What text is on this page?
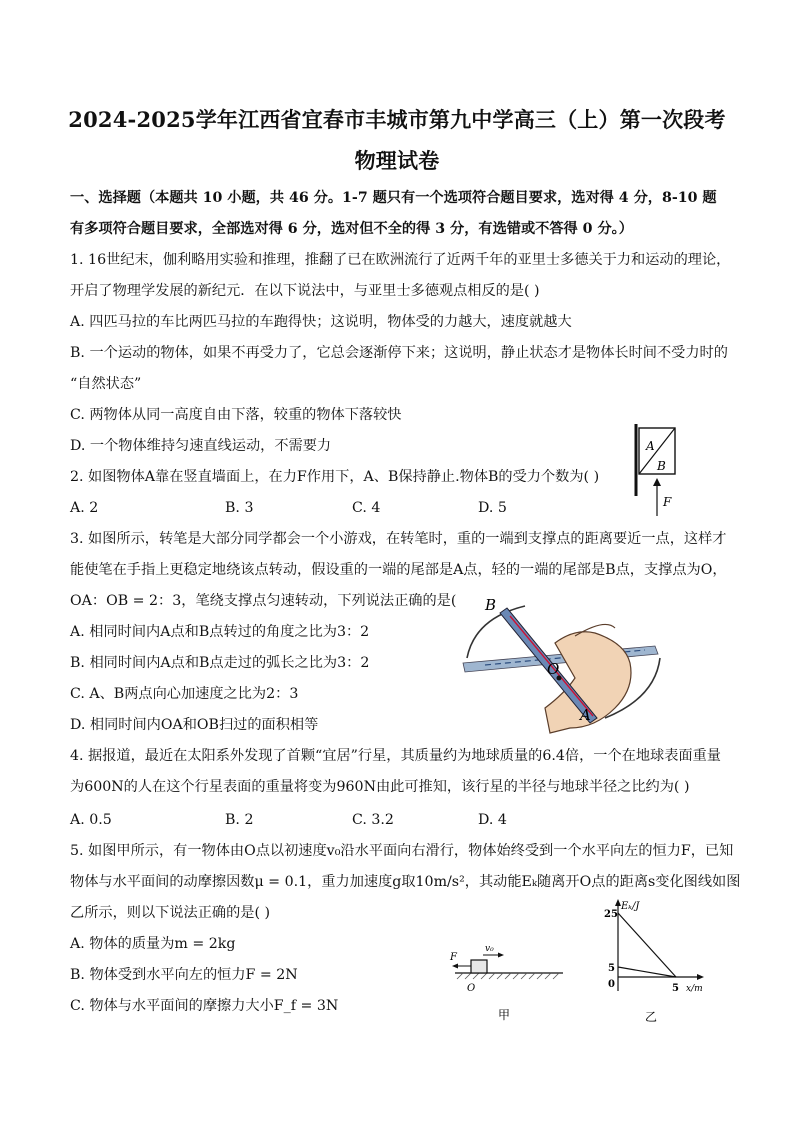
2024-2025学年江西省宜春市丰城市第九中学高三（上）第一次段考
物理试卷
一、选择题（本题共 10 小题，共 46 分。1-7 题只有一个选项符合题目要求，选对得 4 分，8-10 题
有多项符合题目要求，全部选对得 6 分，选对但不全的得 3 分，有选错或不答得 0 分。）
1. 16世纪末，伽利略用实验和推理，推翻了已在欧洲流行了近两千年的亚里士多德关于力和运动的理论，
开启了物理学发展的新纪元．在以下说法中，与亚里士多德观点相反的是( )
A. 四匹马拉的车比两匹马拉的车跑得快；这说明，物体受的力越大，速度就越大
B. 一个运动的物体，如果不再受力了，它总会逐渐停下来；这说明，静止状态才是物体长时间不受力时的
“自然状态”
C. 两物体从同一高度自由下落，较重的物体下落较快
D. 一个物体维持匀速直线运动，不需要力
2. 如图物体A靠在竖直墙面上，在力F作用下，A、B保持静止.物体B的受力个数为( )
A. 2	B. 3	C. 4	D. 5
A
B
F
3. 如图所示，转笔是大部分同学都会一个小游戏，在转笔时，重的一端到支撑点的距离要近一点，这样才
能使笔在手指上更稳定地绕该点转动，假设重的一端的尾部是A点，轻的一端的尾部是B点，支撑点为O，
OA：OB = 2：3，笔绕支撑点匀速转动，下列说法正确的是(
A. 相同时间内A点和B点转过的角度之比为3：2
B. 相同时间内A点和B点走过的弧长之比为3：2
C. A、B两点向心加速度之比为2：3
D. 相同时间内OA和OB扫过的面积相等
B
O
A
4. 据报道，最近在太阳系外发现了首颗“宜居”行星，其质量约为地球质量的6.4倍，一个在地球表面重量
为600N的人在这个行星表面的重量将变为960N由此可推知，该行星的半径与地球半径之比约为( )
A. 0.5	B. 2	C. 3.2	D. 4
5. 如图甲所示，有一物体由O点以初速度v₀沿水平面向右滑行，物体始终受到一个水平向左的恒力F，已知
物体与水平面间的动摩擦因数μ = 0.1，重力加速度g取10m/s²，其动能Eₖ随离开O点的距离s变化图线如图
乙所示，则以下说法正确的是( )
A. 物体的质量为m = 2kg
B. 物体受到水平向左的恒力F = 2N
C. 物体与水平面间的摩擦力大小F_f = 3N
F
v₀
O
甲
Eₖ/J
25
5
0	5 x/m
乙
